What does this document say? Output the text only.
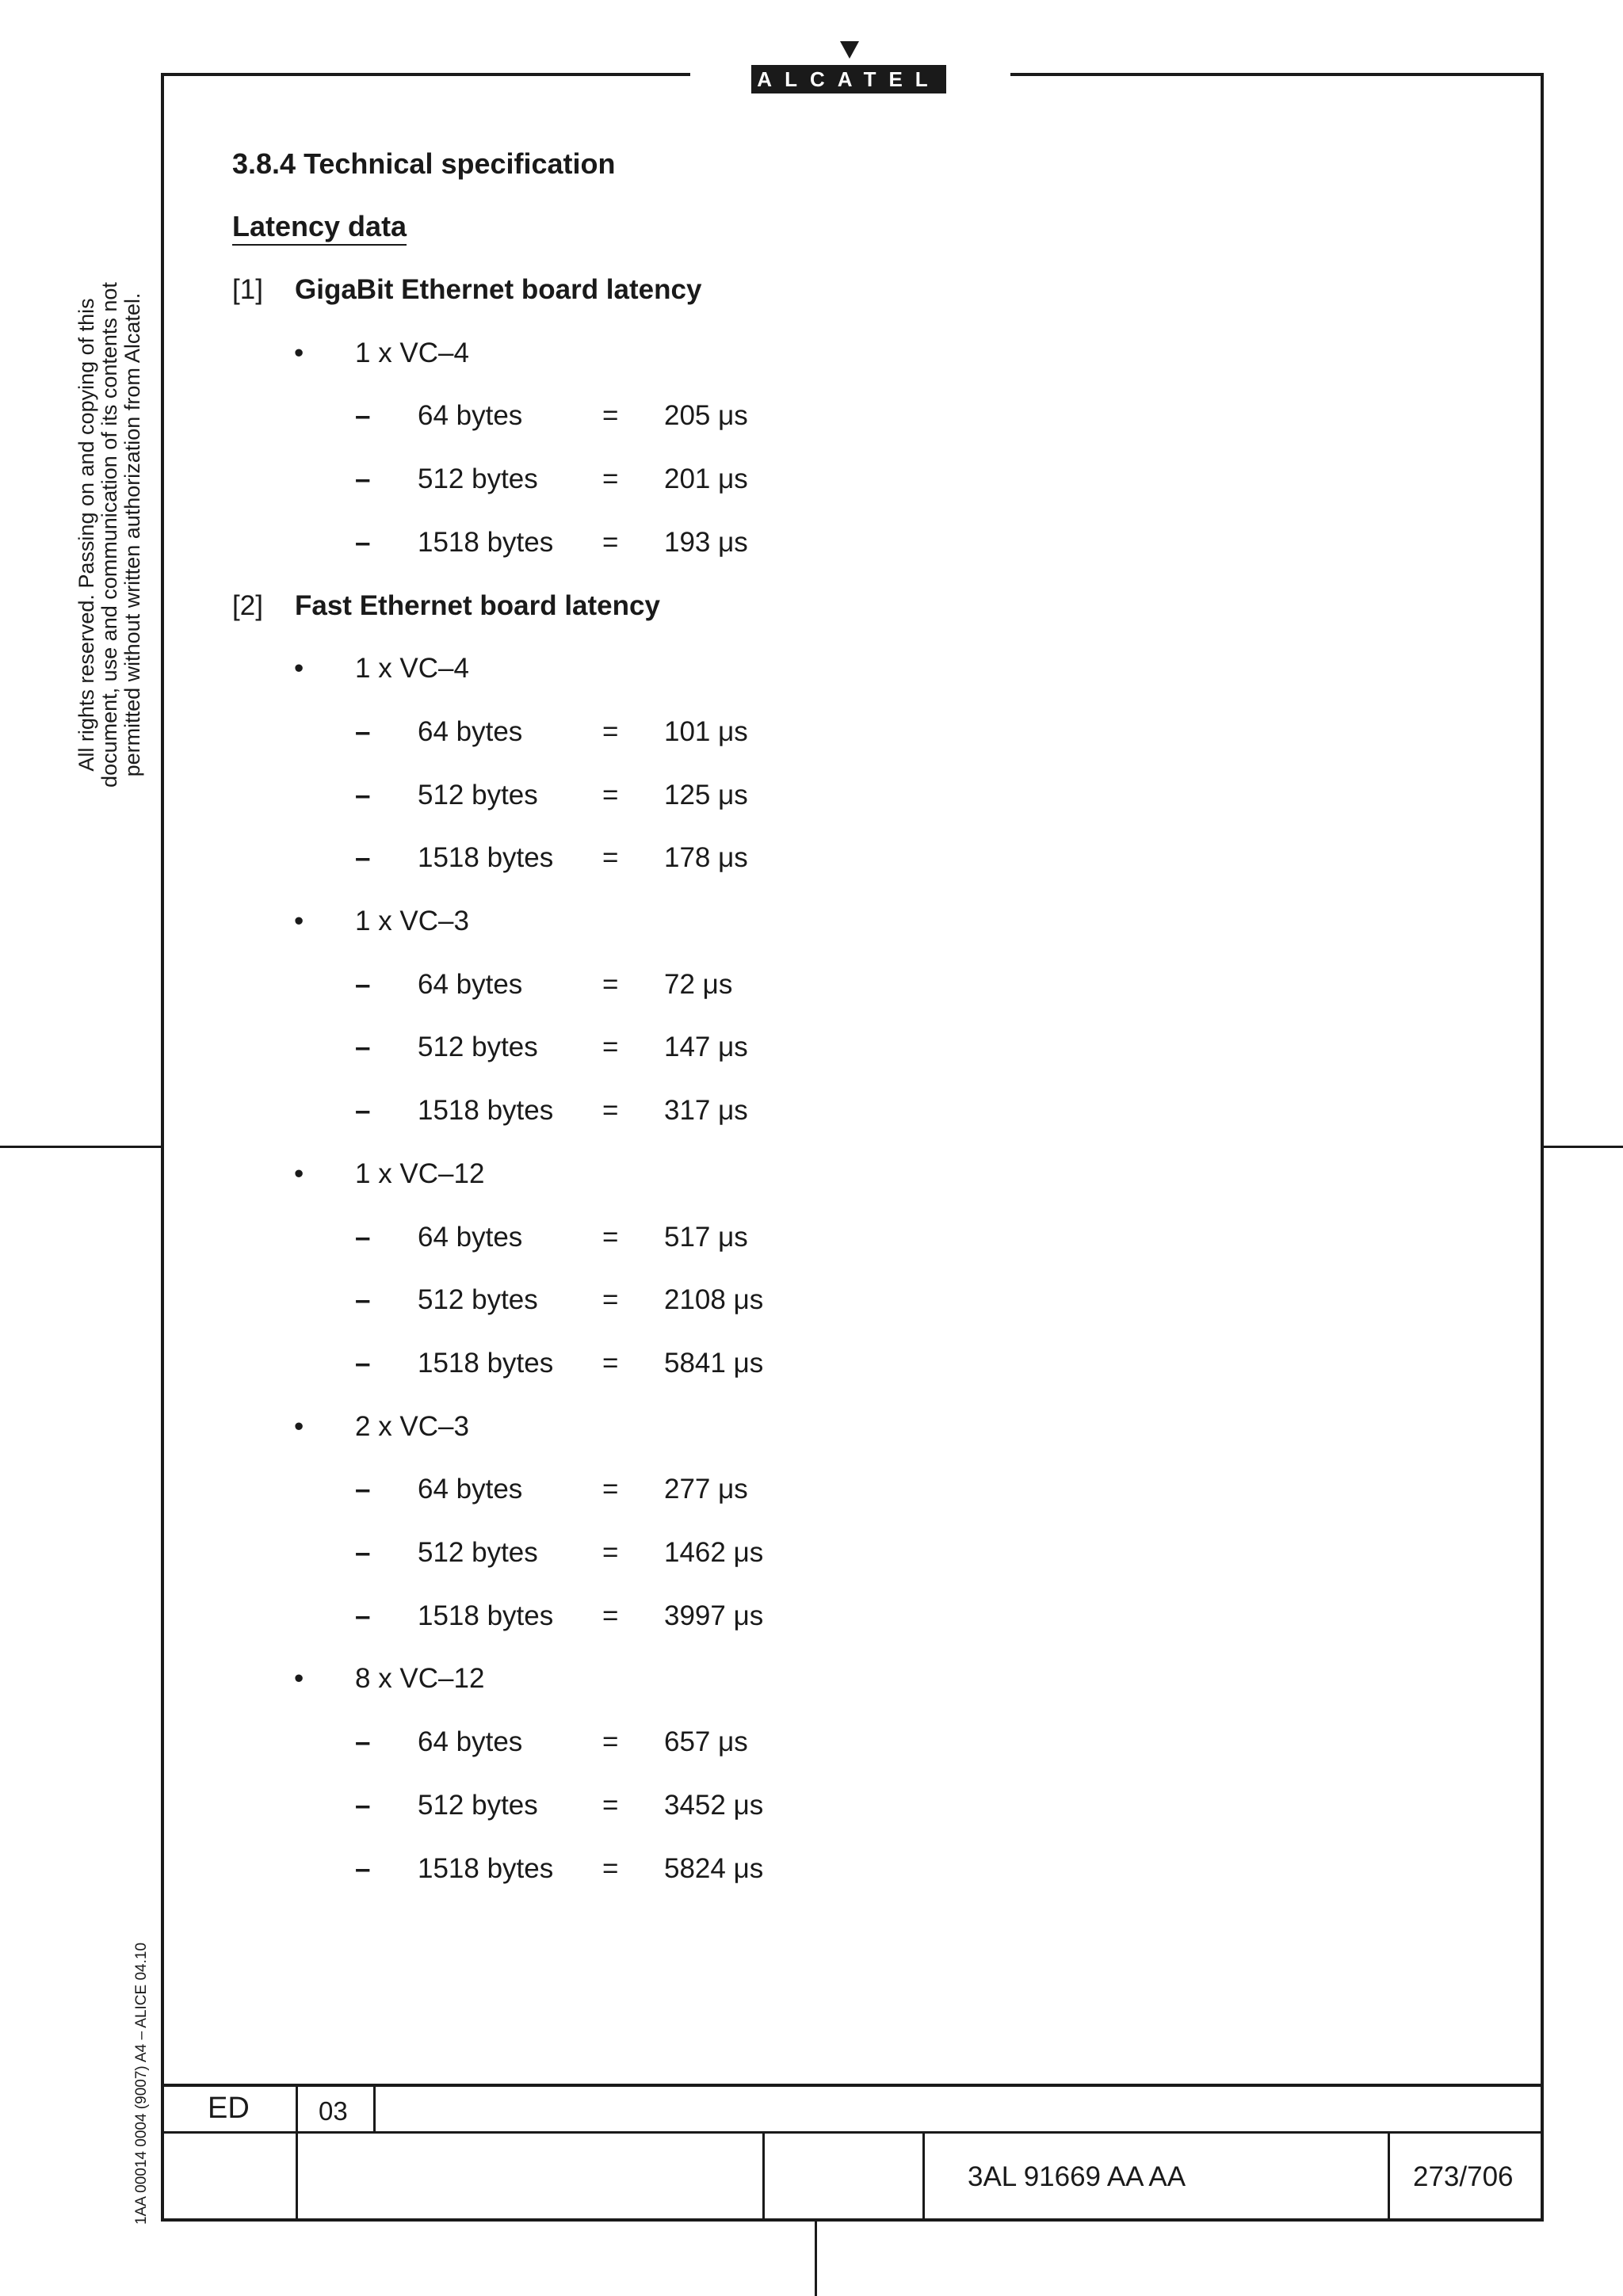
ALCATEL
All rights reserved. Passing on and copying of this document, use and communication of its contents not permitted without written authorization from Alcatel.
1AA 00014 0004 (9007) A4 – ALICE 04.10
3.8.4 Technical specification
Latency data
[1] GigaBit Ethernet board latency
• 1 x VC–4
– 64 bytes	= 205 μs
– 512 bytes = 201 μs
– 1518 bytes = 193 μs
[2] Fast Ethernet board latency
• 1 x VC–4
– 64 bytes	= 101 μs
– 512 bytes = 125 μs
– 1518 bytes = 178 μs
• 1 x VC–3
– 64 bytes	= 72 μs
– 512 bytes = 147 μs
– 1518 bytes = 317 μs
• 1 x VC–12
– 64 bytes	= 517 μs
– 512 bytes = 2108 μs
– 1518 bytes = 5841 μs
• 2 x VC–3
– 64 bytes	= 277 μs
– 512 bytes = 1462 μs
– 1518 bytes = 3997 μs
• 8 x VC–12
– 64 bytes	= 657 μs
– 512 bytes = 3452 μs
– 1518 bytes = 5824 μs
ED	03
3AL 91669 AA AA	273/706
